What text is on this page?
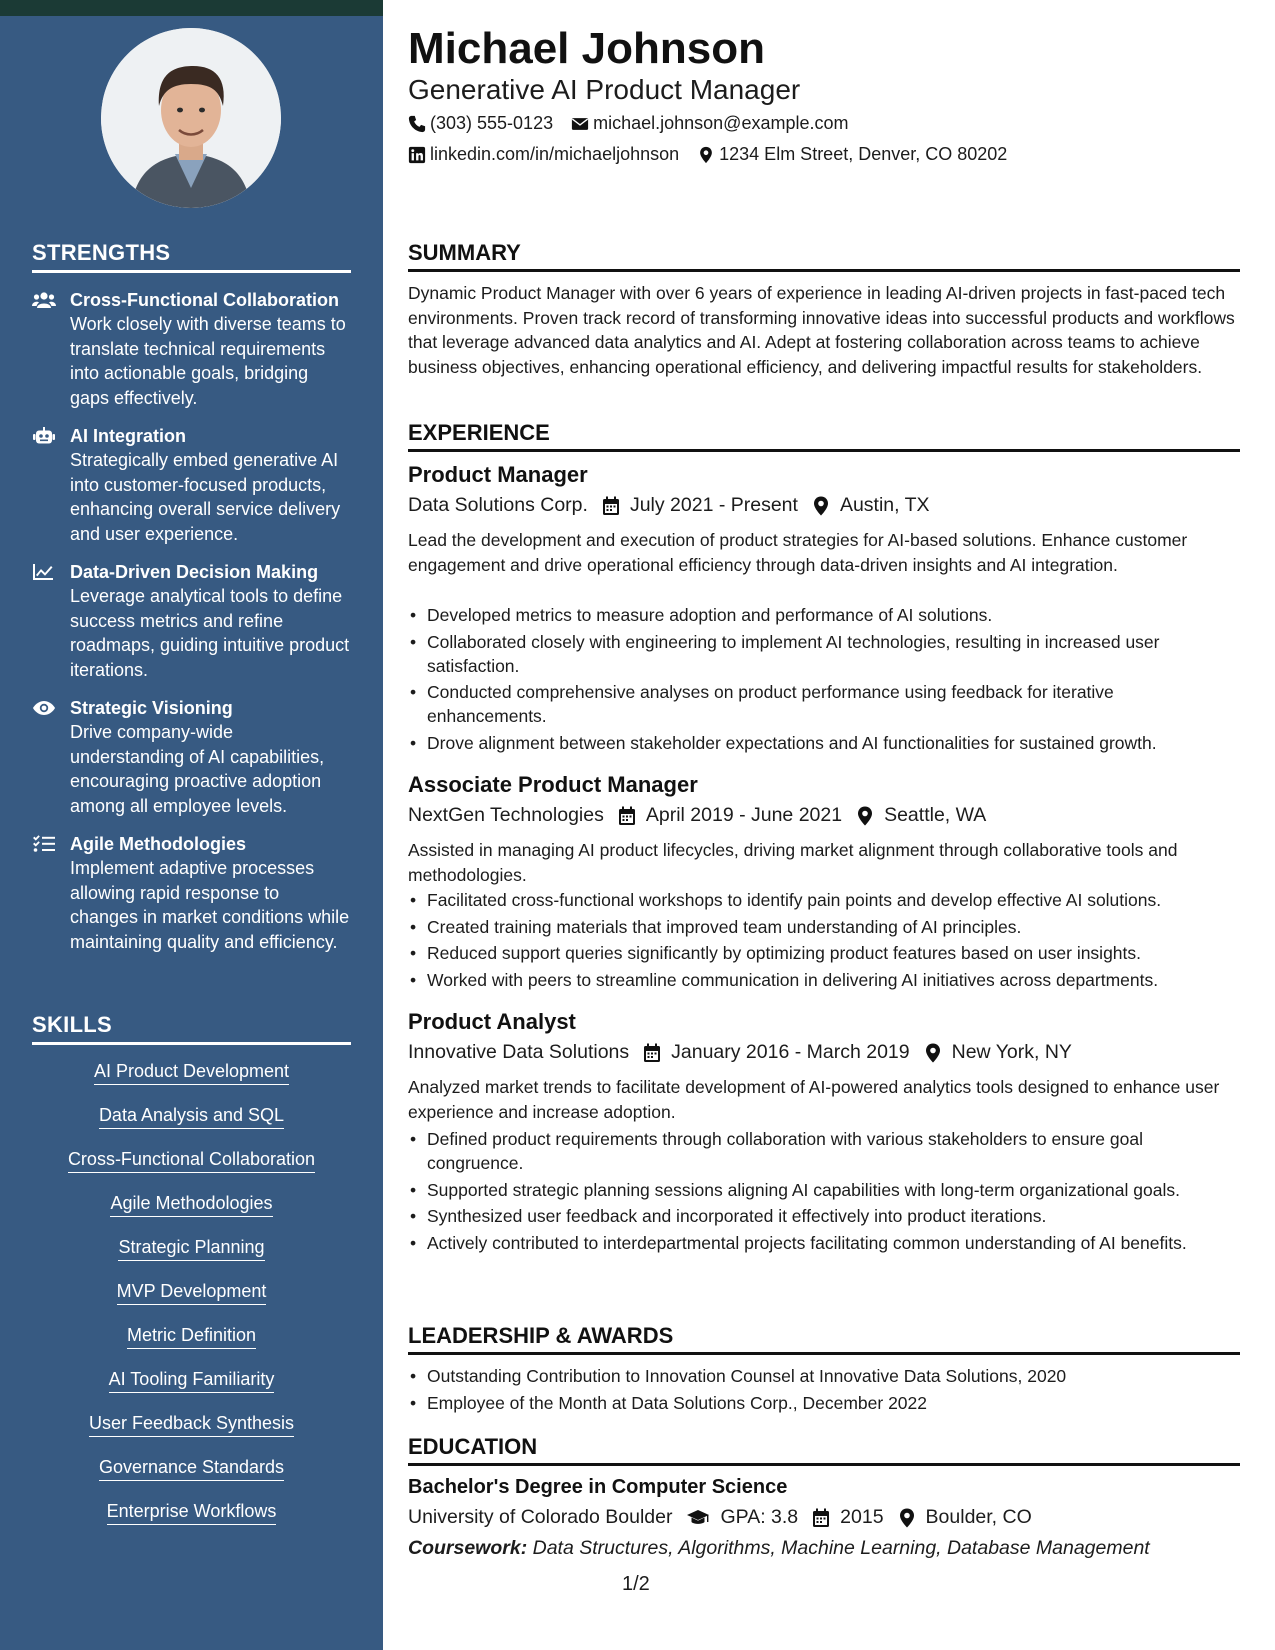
STRENGTHS
Cross-Functional Collaboration
Work closely with diverse teams to translate technical requirements into actionable goals, bridging gaps effectively.
AI Integration
Strategically embed generative AI into customer-focused products, enhancing overall service delivery and user experience.
Data-Driven Decision Making
Leverage analytical tools to define success metrics and refine roadmaps, guiding intuitive product iterations.
Strategic Visioning
Drive company-wide understanding of AI capabilities, encouraging proactive adoption among all employee levels.
Agile Methodologies
Implement adaptive processes allowing rapid response to changes in market conditions while maintaining quality and efficiency.
SKILLS
AI Product Development
Data Analysis and SQL
Cross-Functional Collaboration
Agile Methodologies
Strategic Planning
MVP Development
Metric Definition
AI Tooling Familiarity
User Feedback Synthesis
Governance Standards
Enterprise Workflows
Michael Johnson
Generative AI Product Manager
(303) 555-0123 michael.johnson@example.com
linkedin.com/in/michaeljohnson 1234 Elm Street, Denver, CO 80202
SUMMARY
Dynamic Product Manager with over 6 years of experience in leading AI-driven projects in fast-paced tech environments. Proven track record of transforming innovative ideas into successful products and workflows that leverage advanced data analytics and AI. Adept at fostering collaboration across teams to achieve business objectives, enhancing operational efficiency, and delivering impactful results for stakeholders.
EXPERIENCE
Product Manager
Data Solutions Corp. July 2021 - Present Austin, TX
Lead the development and execution of product strategies for AI-based solutions. Enhance customer engagement and drive operational efficiency through data-driven insights and AI integration.
• Developed metrics to measure adoption and performance of AI solutions.
• Collaborated closely with engineering to implement AI technologies, resulting in increased user satisfaction.
• Conducted comprehensive analyses on product performance using feedback for iterative enhancements.
• Drove alignment between stakeholder expectations and AI functionalities for sustained growth.
Associate Product Manager
NextGen Technologies April 2019 - June 2021 Seattle, WA
Assisted in managing AI product lifecycles, driving market alignment through collaborative tools and methodologies.
• Facilitated cross-functional workshops to identify pain points and develop effective AI solutions.
• Created training materials that improved team understanding of AI principles.
• Reduced support queries significantly by optimizing product features based on user insights.
• Worked with peers to streamline communication in delivering AI initiatives across departments.
Product Analyst
Innovative Data Solutions January 2016 - March 2019 New York, NY
Analyzed market trends to facilitate development of AI-powered analytics tools designed to enhance user experience and increase adoption.
• Defined product requirements through collaboration with various stakeholders to ensure goal congruence.
• Supported strategic planning sessions aligning AI capabilities with long-term organizational goals.
• Synthesized user feedback and incorporated it effectively into product iterations.
• Actively contributed to interdepartmental projects facilitating common understanding of AI benefits.
LEADERSHIP & AWARDS
• Outstanding Contribution to Innovation Counsel at Innovative Data Solutions, 2020
• Employee of the Month at Data Solutions Corp., December 2022
EDUCATION
Bachelor's Degree in Computer Science
University of Colorado Boulder GPA: 3.8 2015 Boulder, CO
Coursework: Data Structures, Algorithms, Machine Learning, Database Management
1/2
